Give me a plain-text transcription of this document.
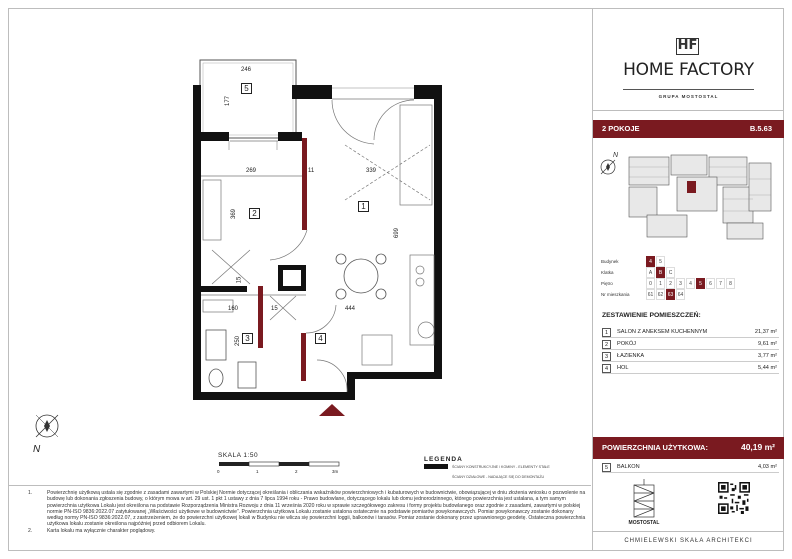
5
2
1
3	4
246
177
269	11	339
369
699
15
160	15	444
250
N
SKALA 1:50
0	1	2	3m
LEGENDA
ŚCIANY KONSTRUKCYJNE / KOMINY - ELEMENTY STAŁE
ŚCIANY DZIAŁOWE - NADAJĄCE SIĘ DO DEMONTAŻU
1.	Powierzchnię użytkową ustala się zgodnie z zasadami zawartymi w Polskiej Normie dotyczącej określania i obliczania wskaźników powierzchniowych i kubaturowych w budownictwie, obowiązującej w dniu złożenia wniosku o pozwolenie na budowę lub dokonania zgłoszenia budowy, o którym mowa w art. 29 ust. 1 pkt 1 ustawy z dnia 7 lipca 1994 roku - Prawo budowlane, dotyczącego lokalu lub domu jednorodzinnego, którego powierzchnia jest ustalana, a tym samym powierzchnia użytkowa Lokalu jest określona na podstawie Rozporządzenia Ministra Rozwoju z dnia 11 września 2020 roku w sprawie szczegółowego zakresu i formy projektu budowlanego oraz zgodnie z zasadami, zawartymi w polskiej normie PN-ISO 9836:2022.07 zatytułowanej „Właściwości użytkowe w budownictwie”. Powierzchnia użytkowa Lokalu zostanie ustalona ostatecznie na podstawie pomiarów powykonawczych. Pomiar powykonawczy zostanie dokonany według normy PN-ISO 9836:2022.07, z zastrzeżeniem, że do powierzchni użytkowej lokali w Budynku nie wlicza się powierzchni loggii, balkonów i tarasów. Pomiar zostanie dokonany przez uprawnionego geodetę. Ostateczna powierzchnia użytkowa lokalu zostanie określona najpóźniej przed odbiorem Lokalu.
2.	Karta lokalu ma wyłącznie charakter poglądowy.
HF
HOME FACTORY
GRUPA MOSTOSTAL
2 POKOJE	B.5.63
N
Budynek	4	5
Klatka	A	B	C
Piętro	0	1	2	3	4	5	6	7	8
Nr mieszkania	61 62 63 64
ZESTAWIENIE POMIESZCZEŃ:
1	SALON Z ANEKSEM KUCHENNYM	21,37 m²
2	POKÓJ	9,61 m²
3	ŁAZIENKA	3,77 m²
4	HOL	5,44 m²
POWIERZCHNIA UŻYTKOWA:	40,19 m²
5	BALKON	4,03 m²
MOSTOSTAL
CHMIELEWSKI SKAŁA ARCHITEKCI
